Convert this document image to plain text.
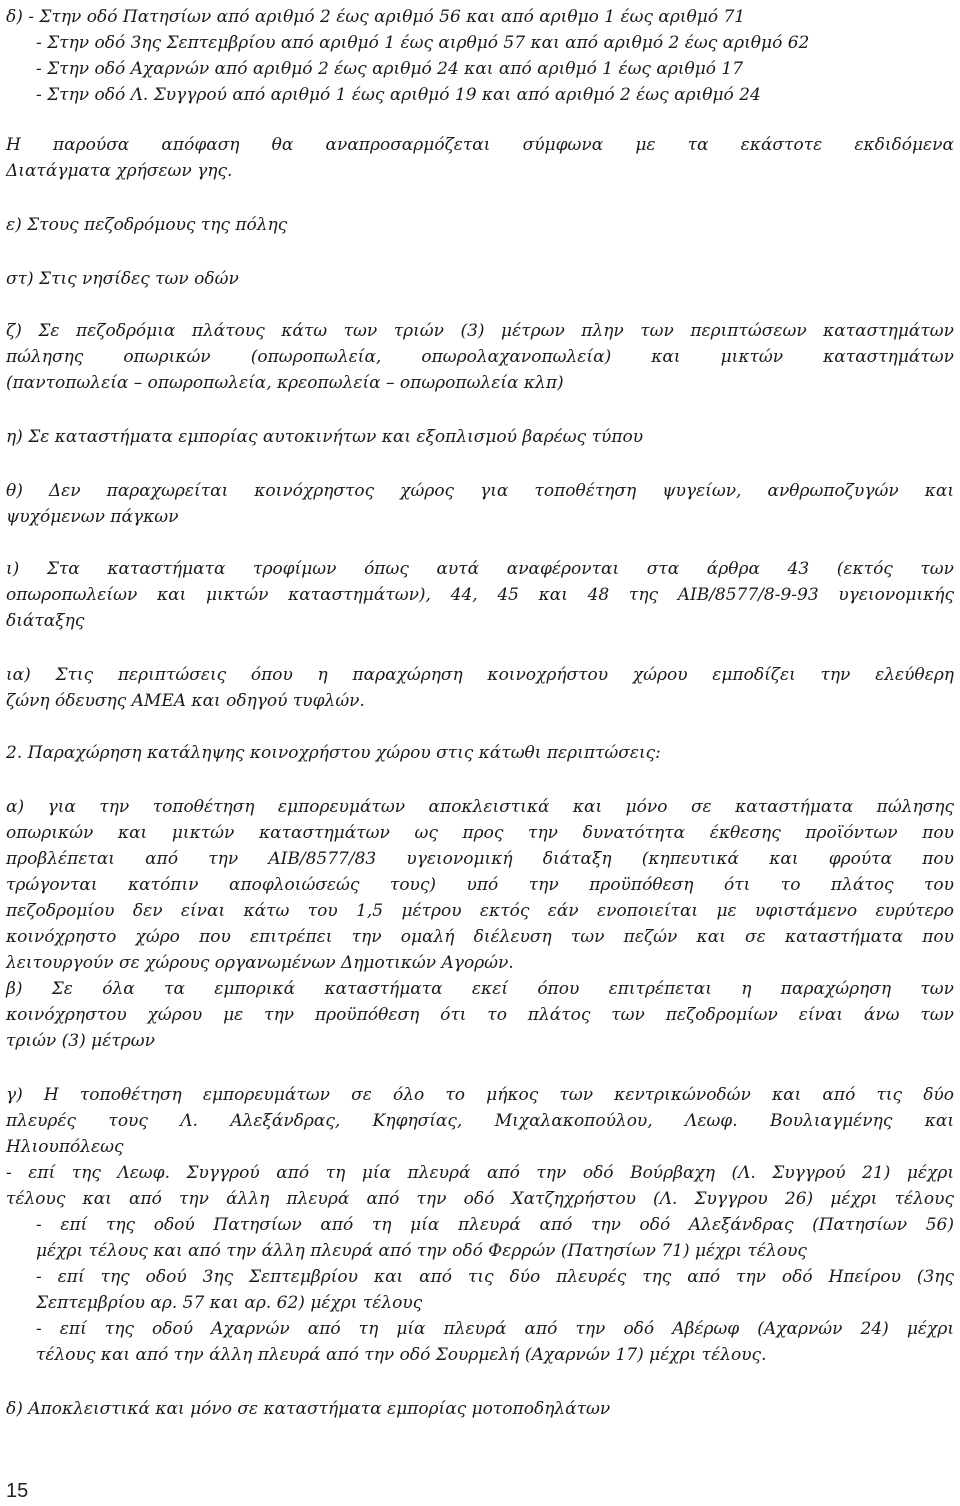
δ) - Στην οδό Πατησίων από αριθμό 2 έως αριθμό 56 και από αριθμο 1 έως αριθμό 71
- Στην οδό 3ης Σεπτεμβρίου από αριθμό 1 έως αιρθμό 57 και από αριθμό 2 έως αριθμό 62
- Στην οδό Αχαρνών από αριθμό 2 έως αριθμό 24 και από αριθμό 1 έως αριθμό 17
- Στην οδό Λ. Συγγρού από αριθμό 1 έως αριθμό 19 και από αριθμό 2 έως αριθμό 24
Η παρούσα απόφαση θα αναπροσαρμόζεται σύμφωνα με τα εκάστοτε εκδιδόμενα
Διατάγματα χρήσεων γης.
ε) Στους πεζοδρόμους της πόλης
στ) Στις νησίδες των οδών
ζ) Σε πεζοδρόμια πλάτους κάτω των τριών (3) μέτρων πλην των περιπτώσεων καταστημάτων
πώλησης οπωρικών (οπωροπωλεία, οπωρολαχανοπωλεία) και μικτών καταστημάτων
(παντοπωλεία – οπωροπωλεία, κρεοπωλεία – οπωροπωλεία κλπ)
η) Σε καταστήματα εμπορίας αυτοκινήτων και εξοπλισμού βαρέως τύπου
θ) Δεν παραχωρείται κοινόχρηστος χώρος για τοποθέτηση ψυγείων, ανθρωποζυγών και
ψυχόμενων πάγκων
ι) Στα καταστήματα τροφίμων όπως αυτά αναφέρονται στα άρθρα 43 (εκτός των
οπωροπωλείων και μικτών καταστημάτων), 44, 45 και 48 της ΑΙΒ/8577/8-9-93 υγειονομικής
διάταξης
ια) Στις περιπτώσεις όπου η παραχώρηση κοινοχρήστου χώρου εμποδίζει την ελεύθερη
ζώνη όδευσης ΑΜΕΑ και οδηγού τυφλών.
2. Παραχώρηση κατάληψης κοινοχρήστου χώρου στις κάτωθι περιπτώσεις:
α) για την τοποθέτηση εμπορευμάτων αποκλειστικά και μόνο σε καταστήματα πώλησης
οπωρικών και μικτών καταστημάτων ως προς την δυνατότητα έκθεσης προϊόντων που
προβλέπεται από την ΑΙΒ/8577/83 υγειονομική διάταξη (κηπευτικά και φρούτα που
τρώγονται κατόπιν αποφλοιώσεώς τους) υπό την προϋπόθεση ότι το πλάτος του
πεζοδρομίου δεν είναι κάτω του 1,5 μέτρου εκτός εάν ενοποιείται με υφιστάμενο ευρύτερο
κοινόχρηστο χώρο που επιτρέπει την ομαλή διέλευση των πεζών και σε καταστήματα που
λειτουργούν σε χώρους οργανωμένων Δημοτικών Αγορών.
β) Σε όλα τα εμπορικά καταστήματα εκεί όπου επιτρέπεται η παραχώρηση των
κοινόχρηστου χώρου με την προϋπόθεση ότι το πλάτος των πεζοδρομίων είναι άνω των
τριών (3) μέτρων
γ) Η τοποθέτηση εμπορευμάτων σε όλο το μήκος των κεντρικώνοδών και από τις δύο
πλευρές τους Λ. Αλεξάνδρας, Κηφησίας, Μιχαλακοπούλου, Λεωφ. Βουλιαγμένης και
Ηλιουπόλεως
- επί της Λεωφ. Συγγρού από τη μία πλευρά από την οδό Βούρβαχη (Λ. Συγγρού 21) μέχρι
τέλους και από την άλλη πλευρά από την οδό Χατζηχρήστου (Λ. Συγγρου 26) μέχρι τέλους
- επί της οδού Πατησίων από τη μία πλευρά από την οδό Αλεξάνδρας (Πατησίων 56)
μέχρι τέλους και από την άλλη πλευρά από την οδό Φερρών (Πατησίων 71) μέχρι τέλους
- επί της οδού 3ης Σεπτεμβρίου και από τις δύο πλευρές της από την οδό Ηπείρου (3ης
Σεπτεμβρίου αρ. 57 και αρ. 62) μέχρι τέλους
- επί της οδού Αχαρνών από τη μία πλευρά από την οδό Αβέρωφ (Αχαρνών 24) μέχρι
τέλους και από την άλλη πλευρά από την οδό Σουρμελή (Αχαρνών 17) μέχρι τέλους.
δ) Αποκλειστικά και μόνο σε καταστήματα εμπορίας μοτοποδηλάτων
15
